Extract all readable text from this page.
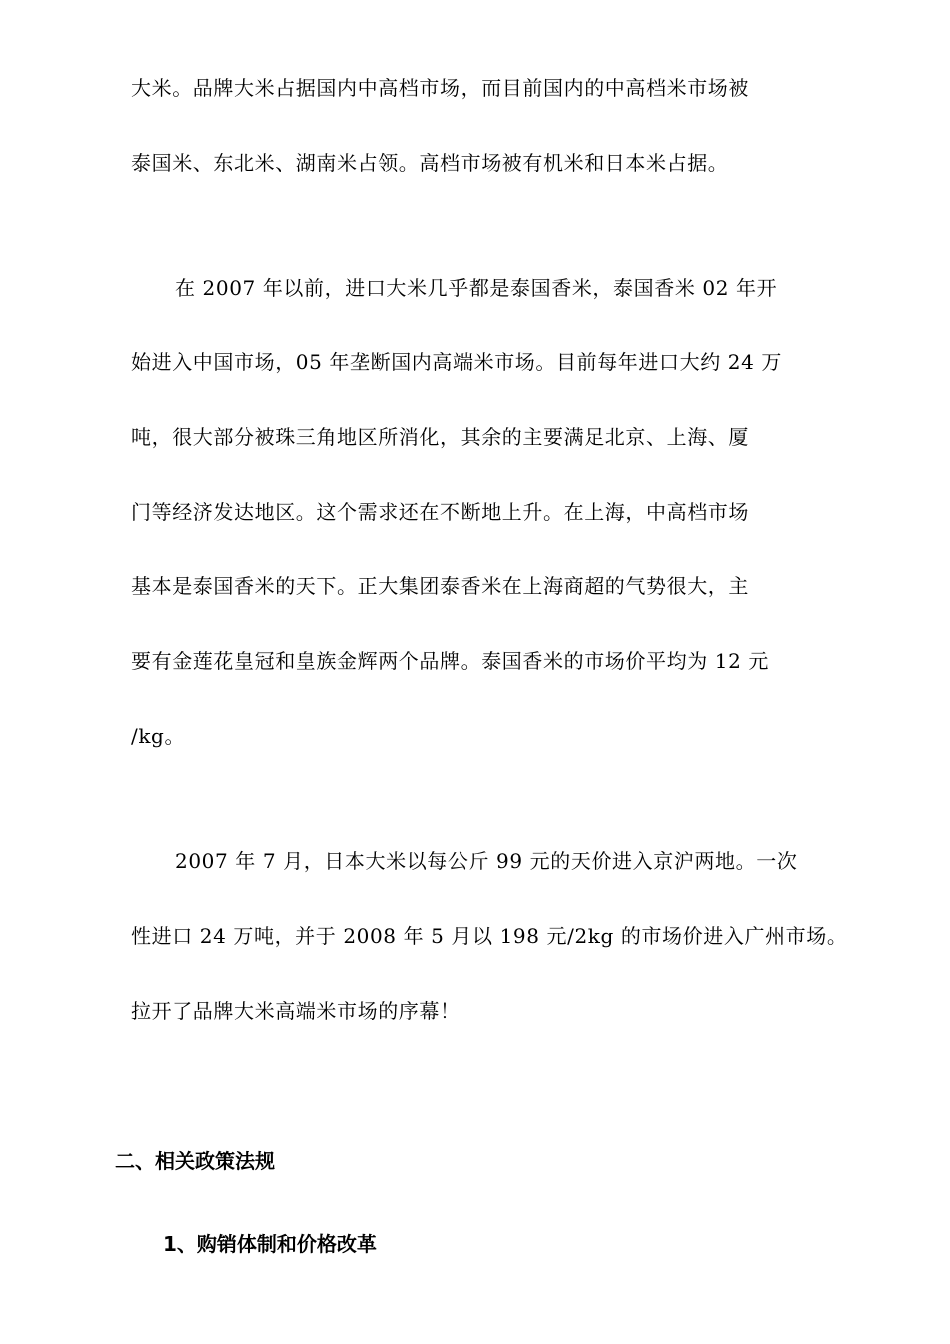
大米。品牌大米占据国内中高档市场，而目前国内的中高档米市场被
泰国米、东北米、湖南米占领。高档市场被有机米和日本米占据。
在 2007 年以前，进口大米几乎都是泰国香米，泰国香米 02 年开
始进入中国市场，05 年垄断国内高端米市场。目前每年进口大约 24 万
吨，很大部分被珠三角地区所消化，其余的主要满足北京、上海、厦
门等经济发达地区。这个需求还在不断地上升。在上海，中高档市场
基本是泰国香米的天下。正大集团泰香米在上海商超的气势很大，主
要有金莲花皇冠和皇族金辉两个品牌。泰国香米的市场价平均为 12 元
/kg。
2007 年 7 月，日本大米以每公斤 99 元的天价进入京沪两地。一次
性进口 24 万吨，并于 2008 年 5 月以 198 元/2kg 的市场价进入广州市场。
拉开了品牌大米高端米市场的序幕！
二、相关政策法规
1、购销体制和价格改革
